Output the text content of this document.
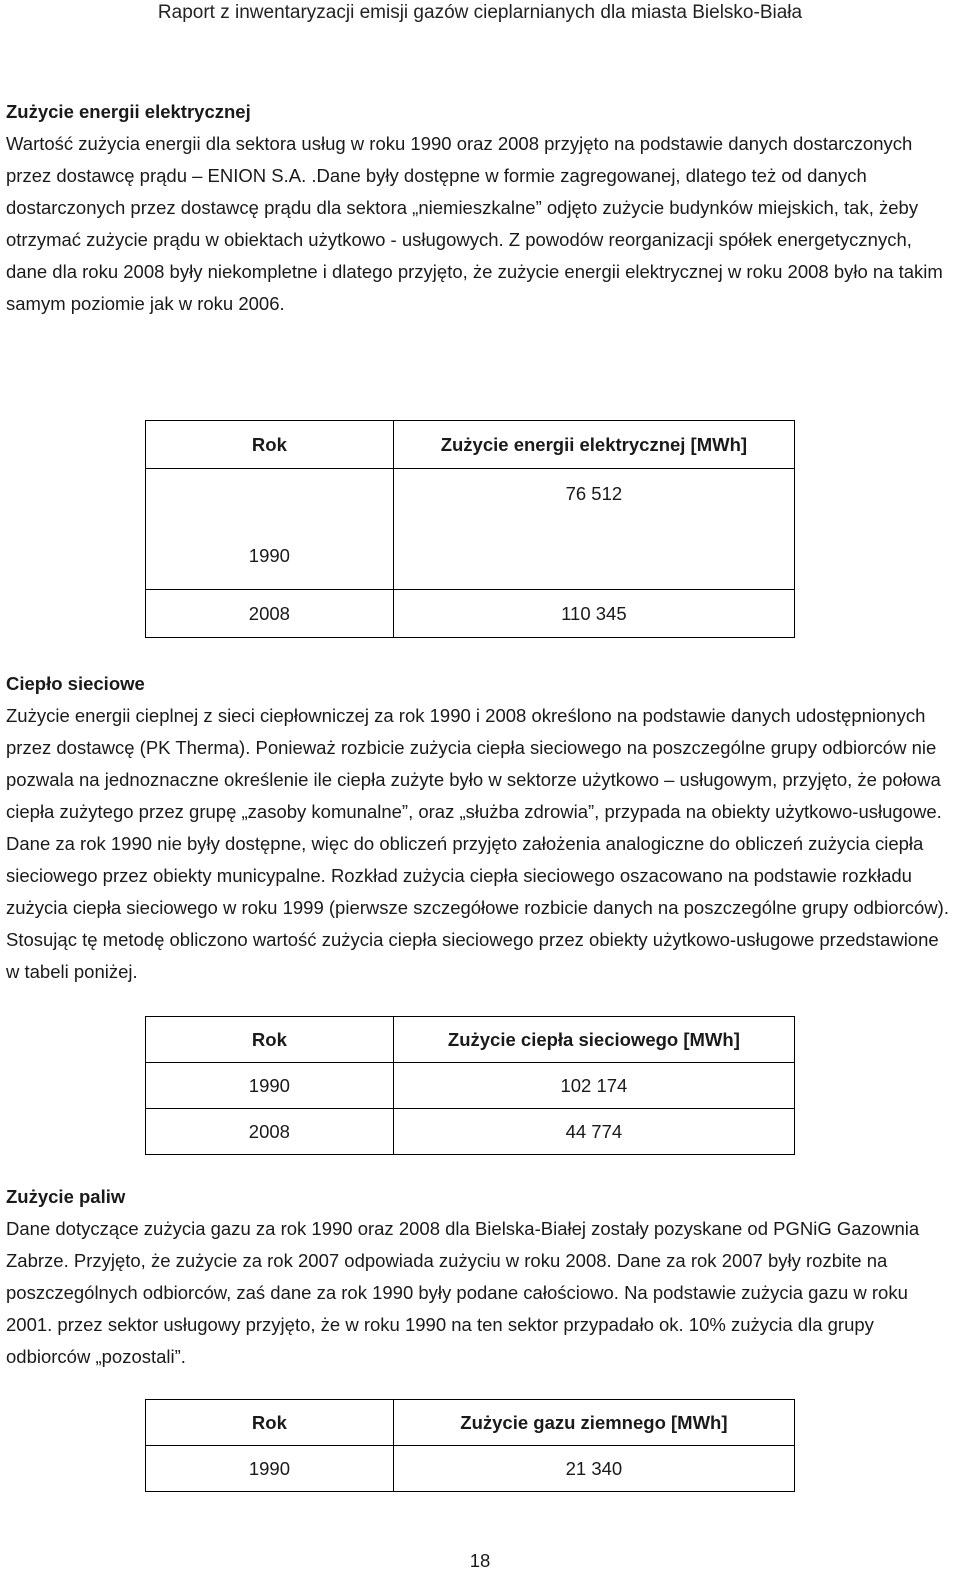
Raport z inwentaryzacji emisji gazów cieplarnianych dla miasta Bielsko-Biała
Zużycie energii elektrycznej

Wartość zużycia energii dla sektora usług w roku 1990 oraz 2008 przyjęto na podstawie danych dostarczonych przez dostawcę prądu – ENION S.A. .Dane były dostępne w formie zagregowanej, dlatego też od danych dostarczonych przez dostawcę prądu dla sektora „niemieszkalne” odjęto zużycie budynków miejskich, tak, żeby otrzymać zużycie prądu w obiektach użytkowo - usługowych. Z powodów reorganizacji spółek energetycznych, dane dla roku 2008 były niekompletne i dlatego przyjęto, że zużycie energii elektrycznej w roku 2008 było na takim samym poziomie jak w roku 2006.

Rok	Zużycie energii elektrycznej [MWh]
1990	76 512
2008	110 345
Ciepło sieciowe

Zużycie energii cieplnej z sieci ciepłowniczej za rok 1990 i 2008 określono na podstawie danych udostępnionych przez dostawcę (PK Therma). Ponieważ rozbicie zużycia ciepła sieciowego na poszczególne grupy odbiorców nie pozwala na jednoznaczne określenie ile ciepła zużyte było w sektorze użytkowo – usługowym, przyjęto, że połowa ciepła zużytego przez grupę „zasoby komunalne”, oraz „służba zdrowia”, przypada na obiekty użytkowo-usługowe.

Dane za rok 1990 nie były dostępne, więc do obliczeń przyjęto założenia analogiczne do obliczeń zużycia ciepła sieciowego przez obiekty municypalne. Rozkład zużycia ciepła sieciowego oszacowano na podstawie rozkładu zużycia ciepła sieciowego w roku 1999 (pierwsze szczegółowe rozbicie danych na poszczególne grupy odbiorców). Stosując tę metodę obliczono wartość zużycia ciepła sieciowego przez obiekty użytkowo-usługowe przedstawione w tabeli poniżej.

Rok	Zużycie ciepła sieciowego [MWh]
1990	102 174
2008	44 774
Zużycie paliw

Dane dotyczące zużycia gazu za rok 1990 oraz 2008 dla Bielska-Białej zostały pozyskane od PGNiG Gazownia Zabrze. Przyjęto, że zużycie za rok 2007 odpowiada zużyciu w roku 2008. Dane za rok 2007 były rozbite na poszczególnych odbiorców, zaś dane za rok 1990 były podane całościowo. Na podstawie zużycia gazu w roku 2001. przez sektor usługowy przyjęto, że w roku 1990 na ten sektor przypadało ok. 10% zużycia dla grupy odbiorców „pozostali”.

Rok	Zużycie gazu ziemnego [MWh]
1990	21 340
18
